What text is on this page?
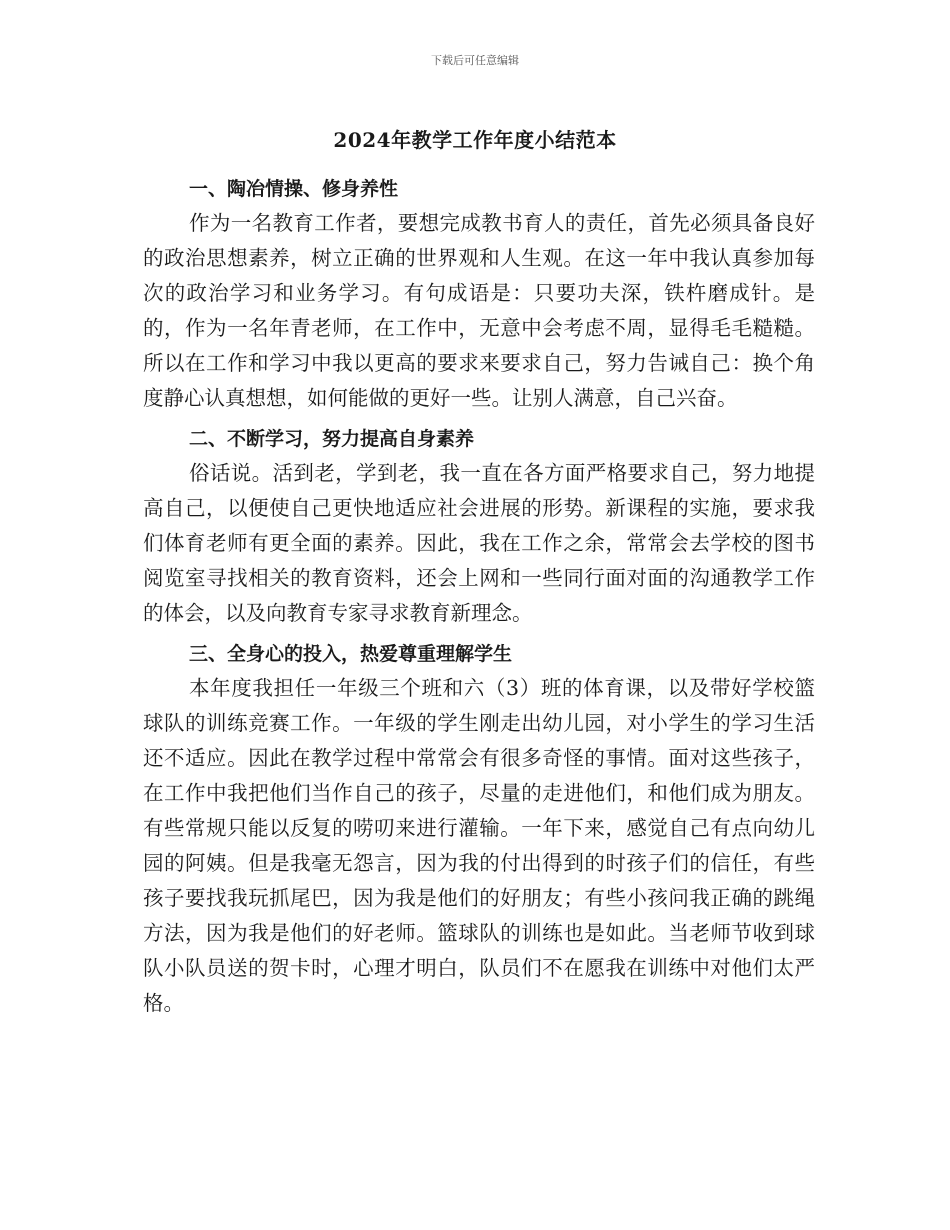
下载后可任意编辑
2024年教学工作年度小结范本

一、陶冶情操、修身养性

作为一名教育工作者，要想完成教书育人的责任，首先必须具备良好的政治思想素养，树立正确的世界观和人生观。在这一年中我认真参加每次的政治学习和业务学习。有句成语是：只要功夫深，铁杵磨成针。是的，作为一名年青老师，在工作中，无意中会考虑不周，显得毛毛糙糙。所以在工作和学习中我以更高的要求来要求自己，努力告诫自己：换个角度静心认真想想，如何能做的更好一些。让别人满意，自己兴奋。

二、不断学习，努力提高自身素养

俗话说。活到老，学到老，我一直在各方面严格要求自己，努力地提高自己，以便使自己更快地适应社会进展的形势。新课程的实施，要求我们体育老师有更全面的素养。因此，我在工作之余，常常会去学校的图书阅览室寻找相关的教育资料，还会上网和一些同行面对面的沟通教学工作的体会，以及向教育专家寻求教育新理念。

三、全身心的投入，热爱尊重理解学生

本年度我担任一年级三个班和六（3）班的体育课，以及带好学校篮球队的训练竞赛工作。一年级的学生刚走出幼儿园，对小学生的学习生活还不适应。因此在教学过程中常常会有很多奇怪的事情。面对这些孩子，在工作中我把他们当作自己的孩子，尽量的走进他们，和他们成为朋友。有些常规只能以反复的唠叨来进行灌输。一年下来，感觉自己有点向幼儿园的阿姨。但是我毫无怨言，因为我的付出得到的时孩子们的信任，有些孩子要找我玩抓尾巴，因为我是他们的好朋友；有些小孩问我正确的跳绳方法，因为我是他们的好老师。篮球队的训练也是如此。当老师节收到球队小队员送的贺卡时，心理才明白，队员们不在愿我在训练中对他们太严格。
